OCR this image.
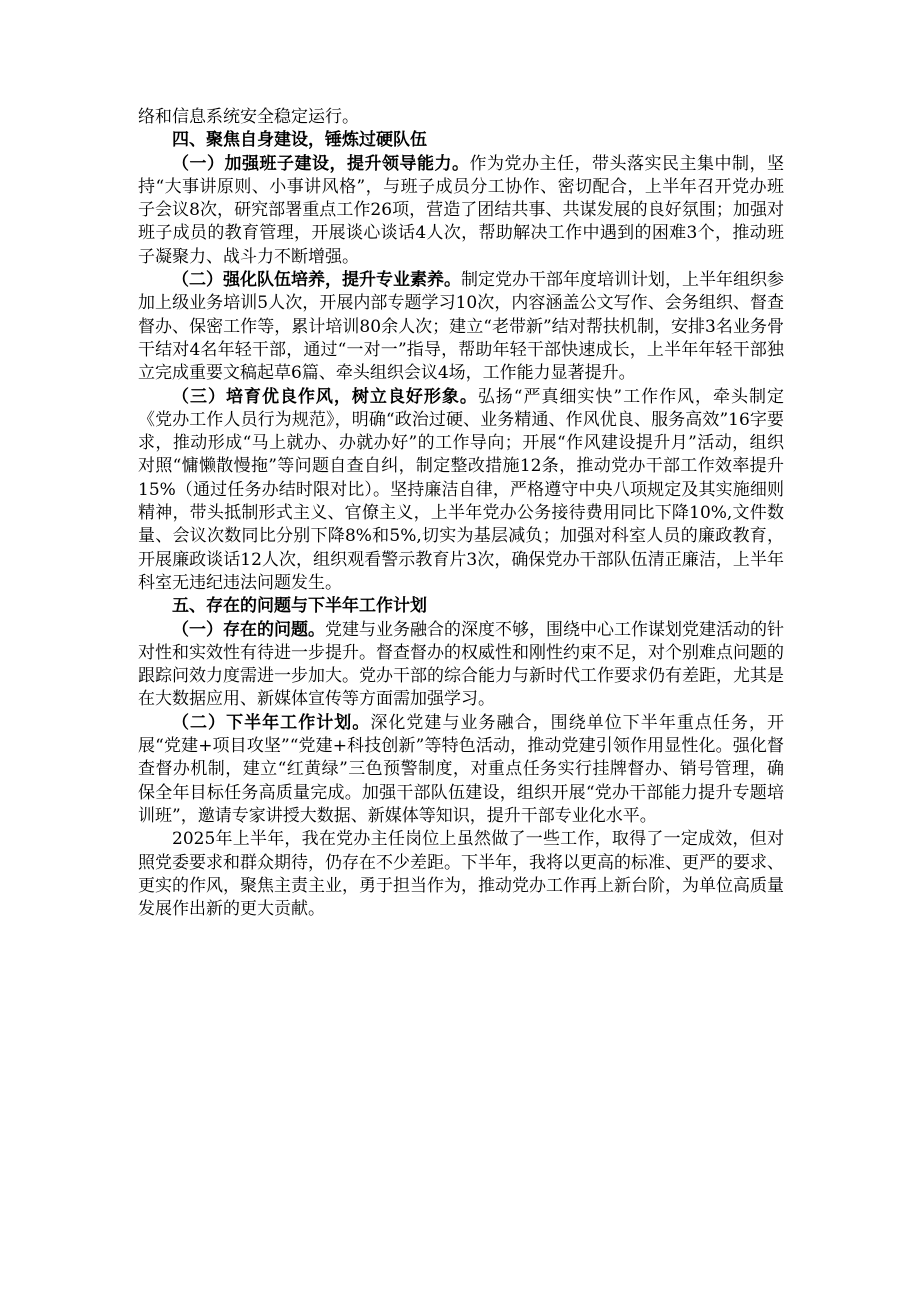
络和信息系统安全稳定运行。

四、聚焦自身建设，锤炼过硬队伍

（一）加强班子建设，提升领导能力。作为党办主任，带头落实民主集中制，坚持“大事讲原则、小事讲风格”，与班子成员分工协作、密切配合，上半年召开党办班子会议8次，研究部署重点工作26项，营造了团结共事、共谋发展的良好氛围；加强对班子成员的教育管理，开展谈心谈话4人次，帮助解决工作中遇到的困难3个，推动班子凝聚力、战斗力不断增强。

（二）强化队伍培养，提升专业素养。制定党办干部年度培训计划，上半年组织参加上级业务培训5人次，开展内部专题学习10次，内容涵盖公文写作、会务组织、督查督办、保密工作等，累计培训80余人次；建立“老带新”结对帮扶机制，安排3名业务骨干结对4名年轻干部，通过“一对一”指导，帮助年轻干部快速成长，上半年年轻干部独立完成重要文稿起草6篇、牵头组织会议4场，工作能力显著提升。

（三）培育优良作风，树立良好形象。弘扬“严真细实快”工作作风，牵头制定《党办工作人员行为规范》，明确“政治过硬、业务精通、作风优良、服务高效”16字要求，推动形成“马上就办、办就办好”的工作导向；开展“作风建设提升月”活动，组织对照“慵懒散慢拖”等问题自查自纠，制定整改措施12条，推动党办干部工作效率提升15%（通过任务办结时限对比）。坚持廉洁自律，严格遵守中央八项规定及其实施细则精神，带头抵制形式主义、官僚主义，上半年党办公务接待费用同比下降10%,文件数量、会议次数同比分别下降8%和5%,切实为基层减负；加强对科室人员的廉政教育，开展廉政谈话12人次，组织观看警示教育片3次，确保党办干部队伍清正廉洁，上半年科室无违纪违法问题发生。

五、存在的问题与下半年工作计划

（一）存在的问题。党建与业务融合的深度不够，围绕中心工作谋划党建活动的针对性和实效性有待进一步提升。督查督办的权威性和刚性约束不足，对个别难点问题的跟踪问效力度需进一步加大。党办干部的综合能力与新时代工作要求仍有差距，尤其是在大数据应用、新媒体宣传等方面需加强学习。

（二）下半年工作计划。深化党建与业务融合，围绕单位下半年重点任务，开展“党建+项目攻坚”“党建+科技创新”等特色活动，推动党建引领作用显性化。强化督查督办机制，建立“红黄绿”三色预警制度，对重点任务实行挂牌督办、销号管理，确保全年目标任务高质量完成。加强干部队伍建设，组织开展“党办干部能力提升专题培训班”，邀请专家讲授大数据、新媒体等知识，提升干部专业化水平。

2025年上半年，我在党办主任岗位上虽然做了一些工作，取得了一定成效，但对照党委要求和群众期待，仍存在不少差距。下半年，我将以更高的标准、更严的要求、更实的作风，聚焦主责主业，勇于担当作为，推动党办工作再上新台阶，为单位高质量发展作出新的更大贡献。
